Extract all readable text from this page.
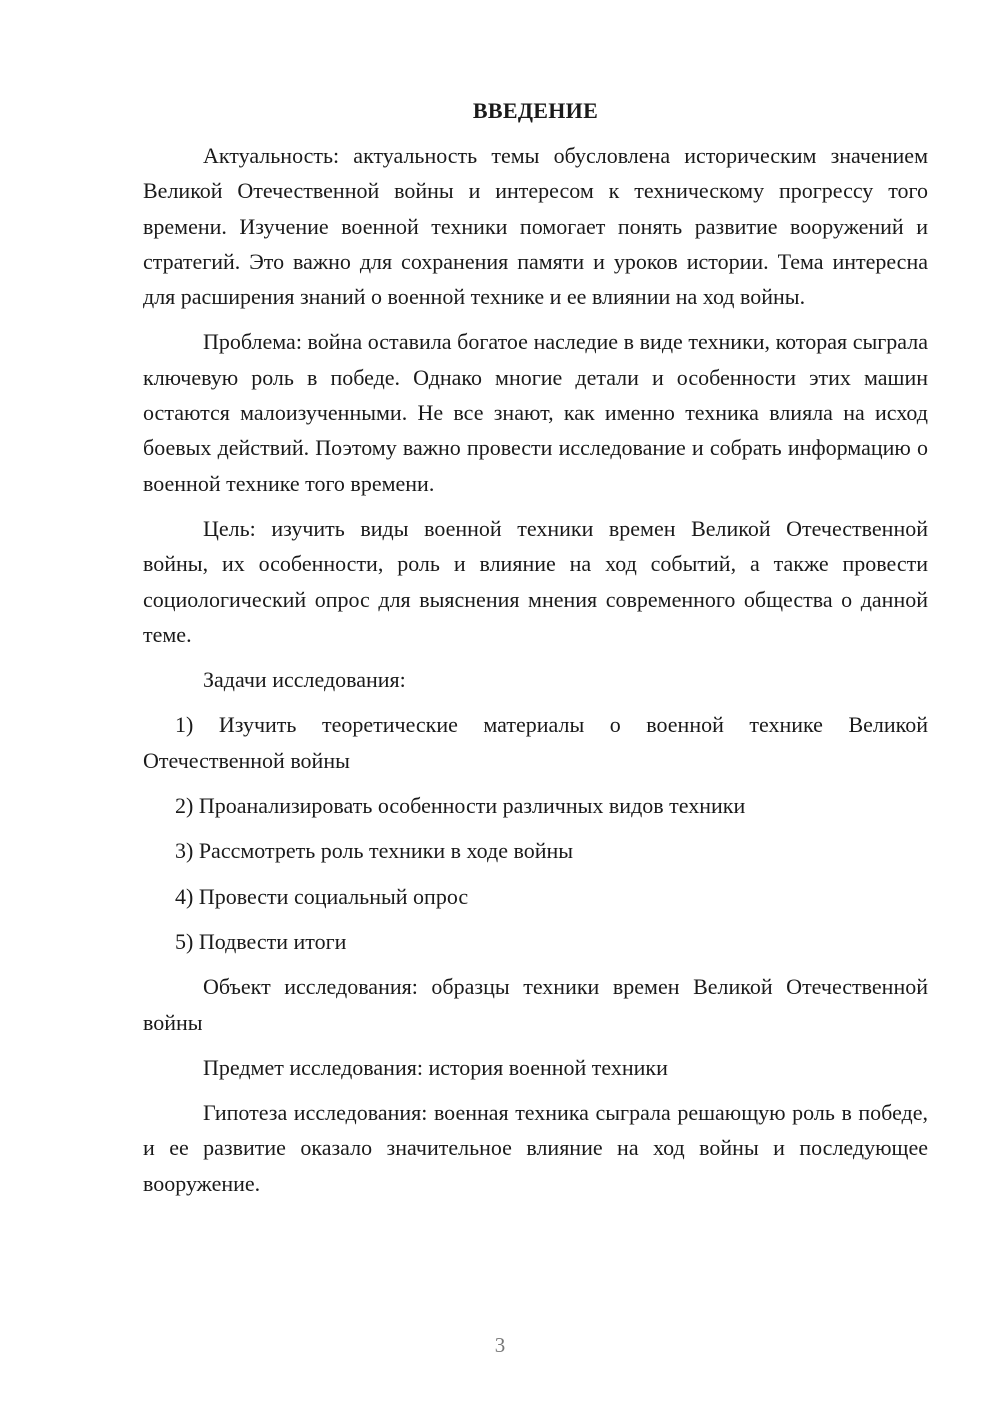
ВВЕДЕНИЕ

Актуальность: актуальность темы обусловлена историческим значением Великой Отечественной войны и интересом к техническому прогрессу того времени. Изучение военной техники помогает понять развитие вооружений и стратегий. Это важно для сохранения памяти и уроков истории. Тема интересна для расширения знаний о военной технике и ее влиянии на ход войны.

Проблема: война оставила богатое наследие в виде техники, которая сыграла ключевую роль в победе. Однако многие детали и особенности этих машин остаются малоизученными. Не все знают, как именно техника влияла на исход боевых действий. Поэтому важно провести исследование и собрать информацию о военной технике того времени.

Цель: изучить виды военной техники времен Великой Отечественной войны, их особенности, роль и влияние на ход событий, а также провести социологический опрос для выяснения мнения современного общества о данной теме.

Задачи исследования:

1) Изучить теоретические материалы о военной технике Великой Отечественной войны

2) Проанализировать особенности различных видов техники

3) Рассмотреть роль техники в ходе войны

4) Провести социальный опрос

5) Подвести итоги

Объект исследования: образцы техники времен Великой Отечественной войны

Предмет исследования: история военной техники

Гипотеза исследования: военная техника сыграла решающую роль в победе, и ее развитие оказало значительное влияние на ход войны и последующее вооружение.

3
